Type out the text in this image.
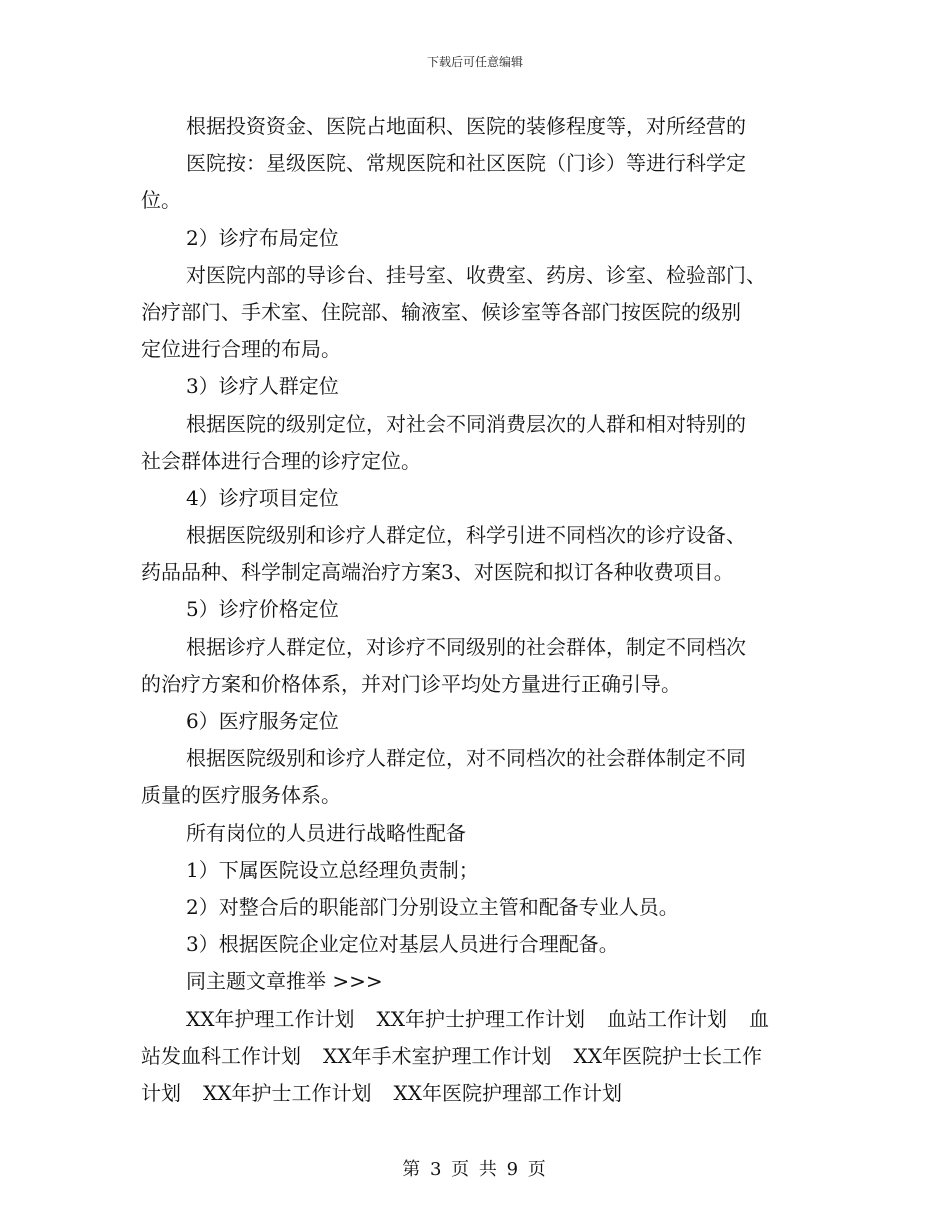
下载后可任意编辑
根据投资资金、医院占地面积、医院的装修程度等，对所经营的
医院按：星级医院、常规医院和社区医院（门诊）等进行科学定
位。
2）诊疗布局定位
对医院内部的导诊台、挂号室、收费室、药房、诊室、检验部门、
治疗部门、手术室、住院部、输液室、候诊室等各部门按医院的级别
定位进行合理的布局。
3）诊疗人群定位
根据医院的级别定位，对社会不同消费层次的人群和相对特别的
社会群体进行合理的诊疗定位。
4）诊疗项目定位
根据医院级别和诊疗人群定位，科学引进不同档次的诊疗设备、
药品品种、科学制定高端治疗方案3、对医院和拟订各种收费项目。
5）诊疗价格定位
根据诊疗人群定位，对诊疗不同级别的社会群体，制定不同档次
的治疗方案和价格体系，并对门诊平均处方量进行正确引导。
6）医疗服务定位
根据医院级别和诊疗人群定位，对不同档次的社会群体制定不同
质量的医疗服务体系。
所有岗位的人员进行战略性配备
1）下属医院设立总经理负责制；
2）对整合后的职能部门分别设立主管和配备专业人员。
3）根据医院企业定位对基层人员进行合理配备。
同主题文章推举 >>>
XX年护理工作计划 XX年护士护理工作计划 血站工作计划 血
站发血科工作计划 XX年手术室护理工作计划 XX年医院护士长工作
计划 XX年护士工作计划 XX年医院护理部工作计划
第 3 页 共 9 页
